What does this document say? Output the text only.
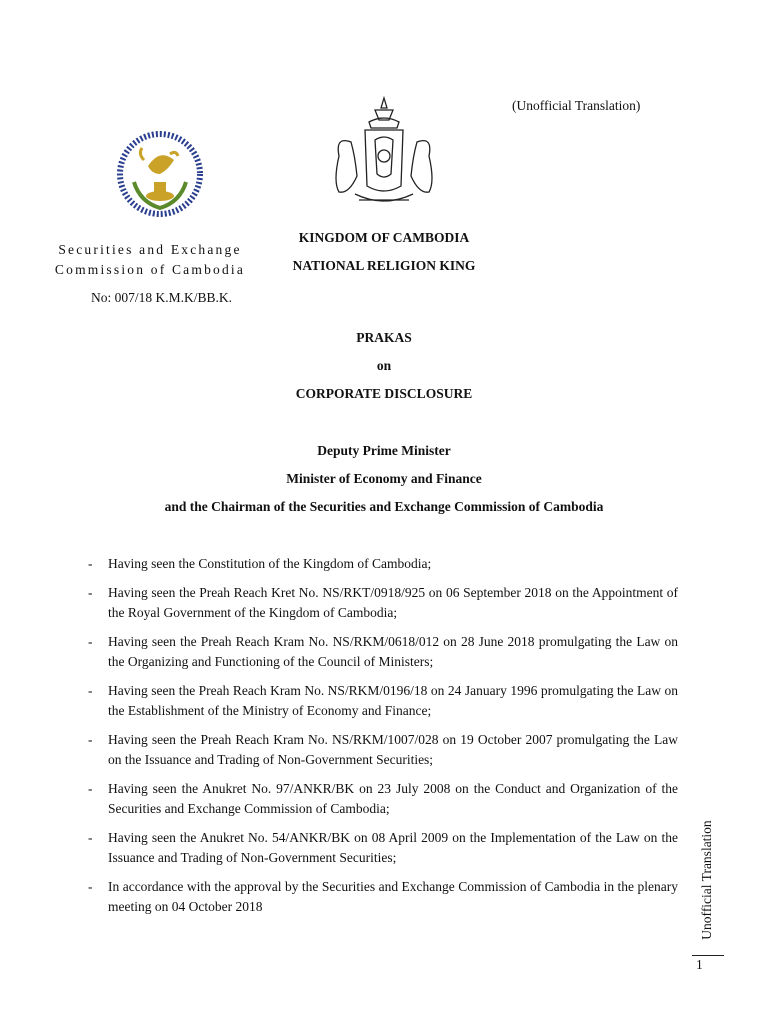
(Unofficial Translation)
Securities and Exchange
Commission of Cambodia
KINGDOM OF CAMBODIA
NATIONAL RELIGION KING
No: 007/18 K.M.K/BB.K.
PRAKAS
on
CORPORATE DISCLOSURE
Deputy Prime Minister
Minister of Economy and Finance
and the Chairman of the Securities and Exchange Commission of Cambodia
-	Having seen the Constitution of the Kingdom of Cambodia;
-	Having seen the Preah Reach Kret No. NS/RKT/0918/925 on 06 September 2018 on the Appointment of the Royal Government of the Kingdom of Cambodia;
-	Having seen the Preah Reach Kram No. NS/RKM/0618/012 on 28 June 2018 promulgating the Law on the Organizing and Functioning of the Council of Ministers;
-	Having seen the Preah Reach Kram No. NS/RKM/0196/18 on 24 January 1996 promulgating the Law on the Establishment of the Ministry of Economy and Finance;
-	Having seen the Preah Reach Kram No. NS/RKM/1007/028 on 19 October 2007 promulgating the Law on the Issuance and Trading of Non-Government Securities;
-	Having seen the Anukret No. 97/ANKR/BK on 23 July 2008 on the Conduct and Organization of the Securities and Exchange Commission of Cambodia;
-	Having seen the Anukret No. 54/ANKR/BK on 08 April 2009 on the Implementation of the Law on the Issuance and Trading of Non-Government Securities;
-	In accordance with the approval by the Securities and Exchange Commission of Cambodia in the plenary meeting on 04 October 2018	Unofficial Translation
1
